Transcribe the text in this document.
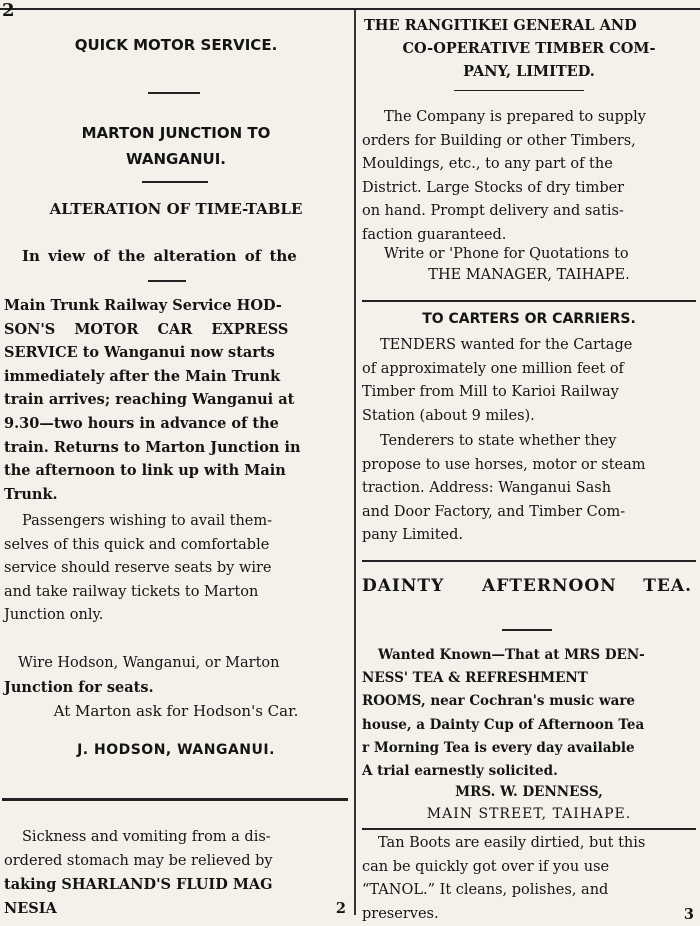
2
QUICK MOTOR SERVICE.
MARTON JUNCTION TO
WANGANUI.
ALTERATION OF TIME-TABLE
In view of the alteration of the

Main Trunk Railway Service HOD-

SON'S MOTOR CAR EXPRESS

SERVICE to Wanganui now starts

immediately after the Main Trunk

train arrives; reaching Wanganui at

9.30—two hours in advance of the

train. Returns to Marton Junction in

the afternoon to link up with Main

Trunk.

Passengers wishing to avail them-

selves of this quick and comfortable

service should reserve seats by wire

and take railway tickets to Marton

Junction only.

Wire Hodson, Wanganui, or Marton

Junction for seats.

At Marton ask for Hodson's Car.
J. HODSON, WANGANUI.

Sickness and vomiting from a dis-

ordered stomach may be relieved by

taking SHARLAND'S FLUID MAG

NESIA	2

THE RANGITIKEI GENERAL AND

CO-OPERATIVE TIMBER COM-

PANY, LIMITED.

The Company is prepared to supply

orders for Building or other Timbers,

Mouldings, etc., to any part of the

District. Large Stocks of dry timber

on hand. Prompt delivery and satis-

faction guaranteed.

Write or 'Phone for Quotations to
THE MANAGER, TAIHAPE.
TO CARTERS OR CARRIERS.

TENDERS wanted for the Cartage

of approximately one million feet of

Timber from Mill to Karioi Railway

Station (about 9 miles).

Tenderers to state whether they

propose to use horses, motor or steam

traction. Address: Wanganui Sash

and Door Factory, and Timber Com-

pany Limited.

DAINTY AFTERNOON TEA.

Wanted Known—That at MRS DEN-

NESS' TEA & REFRESHMENT

ROOMS, near Cochran's music ware

house, a Dainty Cup of Afternoon Tea

r Morning Tea is every day available

A trial earnestly solicited.

MRS. W. DENNESS,
MAIN STREET, TAIHAPE.

Tan Boots are easily dirtied, but this

can be quickly got over if you use

“TANOL.” It cleans, polishes, and

preserves.	3
